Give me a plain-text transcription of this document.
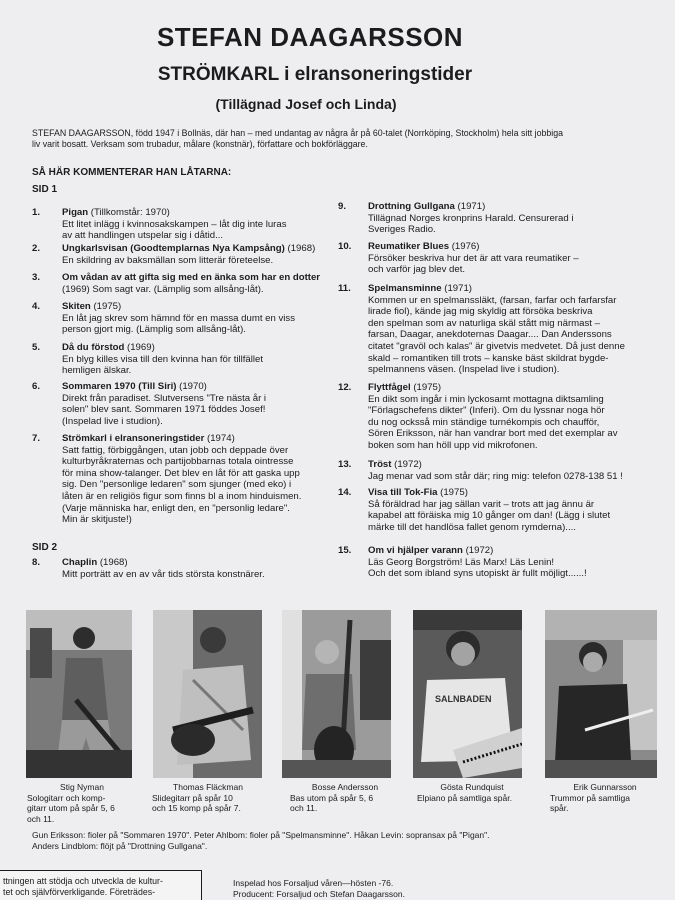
STEFAN DAAGARSSON
STRÖMKARL i elransoneringstider
(Tillägnad Josef och Linda)
STEFAN DAAGARSSON, född 1947 i Bollnäs, där han – med undantag av några år på 60-talet (Norrköping, Stockholm) hela sitt jobbiga
liv varit bosatt. Verksam som trubadur, målare (konstnär), författare och bokförläggare.
SÅ HÄR KOMMENTERAR HAN LÅTARNA:
SID 1
SID 2
1. Pigan (Tillkomstår: 1970)
Ett litet inlägg i kvinnosakskampen – låt dig inte luras
av att handlingen utspelar sig i dåtid...
2. Ungkarlsvisan (Goodtemplarnas Nya Kampsång) (1968)
En skildring av baksmällan som litterär företeelse.
3. Om vådan av att gifta sig med en änka som har en dotter
(1969) Som sagt var. (Lämplig som allsång-låt).
4. Skiten (1975)
En låt jag skrev som hämnd för en massa dumt en viss
person gjort mig. (Lämplig som allsång-låt).
5. Då du förstod (1969)
En blyg killes visa till den kvinna han för tillfället
hemligen älskar.
6. Sommaren 1970 (Till Siri) (1970)
Direkt från paradiset. Slutversens "Tre nästa år i
solen" blev sant. Sommaren 1971 föddes Josef!
(Inspelad live i studion).
7. Strömkarl i elransoneringstider (1974)
Satt fattig, förbiggången, utan jobb och deppade över
kulturbyråkraternas och partijobbarnas totala ointresse
för mina show-talanger. Det blev en låt för att gaska upp
sig. Den "personlige ledaren" som sjunger (med eko) i
låten är en religiös figur som finns bl a inom hinduismen.
(Varje människa har, enligt den, en "personlig ledare".
Min är skitjuste!)
8. Chaplin (1968)
Mitt porträtt av en av vår tids största konstnärer.
9. Drottning Gullgana (1971)
Tillägnad Norges kronprins Harald. Censurerad i
Sveriges Radio.
10. Reumatiker Blues (1976)
Försöker beskriva hur det är att vara reumatiker –
och varför jag blev det.
11. Spelmansminne (1971)
Kommen ur en spelmanssläkt, (farsan, farfar och farfarsfar
lirade fiol), kände jag mig skyldig att försöka beskriva
den spelman som av naturliga skäl stått mig närmast –
farsan, Daagar, anekdoternas Daagar.... Dan Anderssons
citatet "gravöl och kalas" är givetvis medvetet. Då just denne
skald – romantiken till trots – kanske bäst skildrat bygde-
spelmannens väsen. (Inspelad live i studion).
12. Flyttfågel (1975)
En dikt som ingår i min lyckosamt mottagna diktsamling
"Förlagschefens dikter" (Inferi). Om du lyssnar noga hör
du nog ocksså min ständige turnékompis och chaufför,
Sören Eriksson, när han vandrar bort med det exemplar av
boken som han höll upp vid mikrofonen.
13. Tröst (1972)
Jag menar vad som står där; ring mig: telefon 0278-138 51 !
14. Visa till Tok-Fia (1975)
Så föräldrad har jag sällan varit – trots att jag ännu är
kapabel att föräiska mig 10 gånger om dan! (Lägg i slutet
märke till det handlösa fallet genom rymderna)....
15. Om vi hjälper varann (1972)
Läs Georg Borgström! Läs Marx! Läs Lenin!
Och det som ibland syns utopiskt är fullt möjligt......!
SALNBADEN
Stig Nyman
Sologitarr och komp-
gitarr utom på spår 5, 6
och 11.
Thomas Fläckman
Slidegitarr på spår 10
och 15 komp på spår 7.
Bosse Andersson
Bas utom på spår 5, 6
och 11.
Gösta Rundquist
Elpiano på samtliga spår.
Erik Gunnarsson
Trummor på samtliga
spår.
Gun Eriksson: fioler på "Sommaren 1970". Peter Ahlbom: fioler på "Spelmansminne". Håkan Levin: sopransax på "Pigan".
Anders Lindblom: flöjt på "Drottning Gullgana".
ttningen att stödja och utveckla de kultur-
tet och självförverkligande. Företrädes-
Inspelad hos Forsaljud våren—hösten -76.
Producent: Forsaljud och Stefan Daagarsson.
